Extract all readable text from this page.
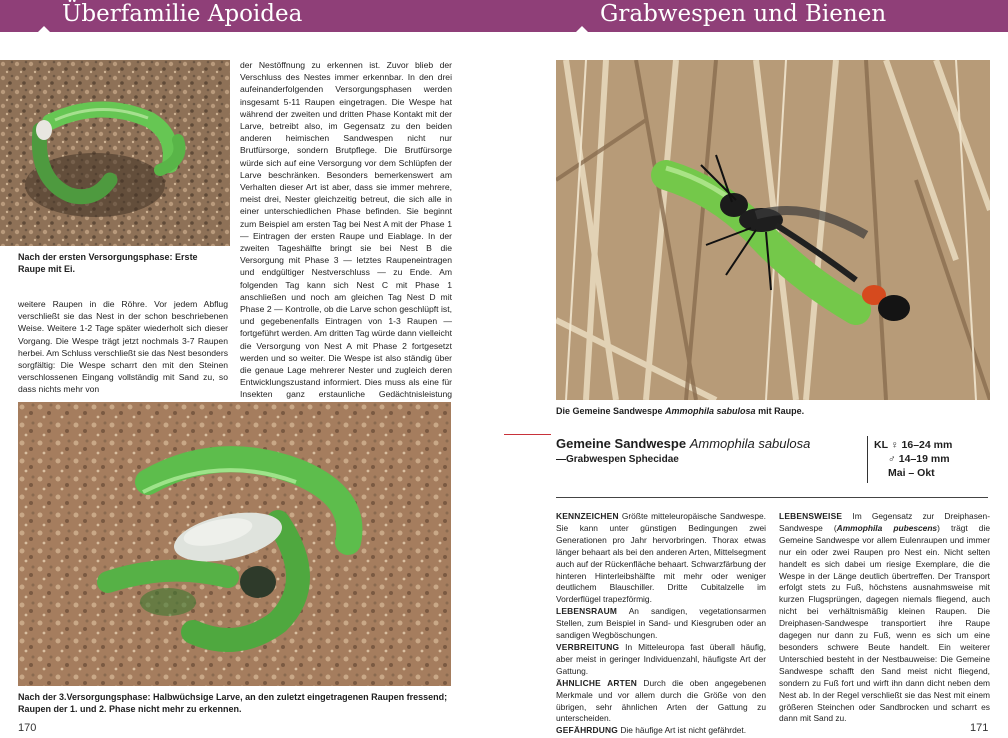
Überfamilie Apoidea	Grabwespen und Bienen
Nach der ersten Versorgungsphase: Erste Raupe mit Ei.

weitere Raupen in die Röhre. Vor jedem Abflug verschließt sie das Nest in der schon beschriebenen Weise. Weitere 1-2 Tage später wiederholt sich dieser Vorgang. Die Wespe trägt jetzt nochmals 3-7 Raupen herbei. Am Schluss verschließt sie das Nest besonders sorgfältig: Die Wespe scharrt den mit den Steinen verschlossenen Eingang vollständig mit Sand zu, so dass nichts mehr von

der Nestöffnung zu erkennen ist. Zuvor blieb der Verschluss des Nestes immer erkennbar. In den drei aufeinanderfolgenden Versorgungsphasen werden insgesamt 5-11 Raupen eingetragen. Die Wespe hat während der zweiten und dritten Phase Kontakt mit der Larve, betreibt also, im Gegensatz zu den beiden anderen heimischen Sandwespen nicht nur Brutfürsorge, sondern Brutpflege. Die Brutfürsorge würde sich auf eine Versorgung vor dem Schlüpfen der Larve beschränken. Besonders bemerkenswert am Verhalten dieser Art ist aber, dass sie immer mehrere, meist drei, Nester gleichzeitig betreut, die sich alle in einer unterschiedlichen Phase befinden. Sie beginnt zum Beispiel am ersten Tag bei Nest A mit der Phase 1 — Eintragen der ersten Raupe und Eiablage. In der zweiten Tageshälfte bringt sie bei Nest B die Versorgung mit Phase 3 — letztes Raupeneintragen und endgültiger Nestverschluss — zu Ende. Am folgenden Tag kann sich Nest C mit Phase 1 anschließen und noch am gleichen Tag Nest D mit Phase 2 — Kontrolle, ob die Larve schon geschlüpft ist, und gegebenenfalls Eintragen von 1-3 Raupen — fortgeführt werden. Am dritten Tag würde dann vielleicht die Versorgung von Nest A mit Phase 2 fortgesetzt werden und so weiter. Die Wespe ist also ständig über die genaue Lage mehrerer Nester und zugleich deren Entwicklungszustand informiert. Dies muss als eine für Insekten ganz erstaunliche Gedächtnisleistung

Nach der 3.Versorgungsphase: Halbwüchsige Larve, an den zuletzt eingetragenen Raupen fressend; Raupen der 1. und 2. Phase nicht mehr zu erkennen.
Die Gemeine Sandwespe Ammophila sabulosa mit Raupe.
Gemeine Sandwespe Ammophila sabulosa
—Grabwespen Sphecidae
KL ♀ 16–24 mm
♂ 14–19 mm
Mai – Okt
KENNZEICHEN Größte mitteleuropäische Sandwespe. Sie kann unter günstigen Bedingungen zwei Generationen pro Jahr hervorbringen. Thorax etwas länger behaart als bei den anderen Arten, Mittelsegment auch auf der Rückenfläche behaart. Schwarzfärbung der hinteren Hinterleibshälfte mit mehr oder weniger deutlichem Blauschiller. Dritte Cubitalzelle im Vorderflügel trapezförmig.
LEBENSRAUM An sandigen, vegetationsarmen Stellen, zum Beispiel in Sand- und Kiesgruben oder an sandigen Wegböschungen.
VERBREITUNG In Mitteleuropa fast überall häufig, aber meist in geringer Individuenzahl, häufigste Art der Gattung.
ÄHNLICHE ARTEN Durch die oben angegebenen Merkmale und vor allem durch die Größe von den übrigen, sehr ähnlichen Arten der Gattung zu unterscheiden.
GEFÄHRDUNG Die häufige Art ist nicht gefährdet.
LEBENSWEISE Im Gegensatz zur Dreiphasen-Sandwespe (Ammophila pubescens) trägt die Gemeine Sandwespe vor allem Eulenraupen und immer nur ein oder zwei Raupen pro Nest ein. Nicht selten handelt es sich dabei um riesige Exemplare, die die Wespe in der Länge deutlich übertreffen. Der Transport erfolgt stets zu Fuß, höchstens ausnahmsweise mit kurzen Flugsprüngen, dagegen niemals fliegend, auch nicht bei verhältnismäßig kleinen Raupen. Die Dreiphasen-Sandwespe transportiert ihre Raupe dagegen nur dann zu Fuß, wenn es sich um eine besonders schwere Beute handelt. Ein weiterer Unterschied besteht in der Nestbauweise: Die Gemeine Sandwespe schafft den Sand meist nicht fliegend, sondern zu Fuß fort und wirft ihn dann dicht neben dem Nest ab. In der Regel verschließt sie das Nest mit einem größeren Steinchen oder Sandbrocken und scharrt es dann mit Sand zu.
170	171
